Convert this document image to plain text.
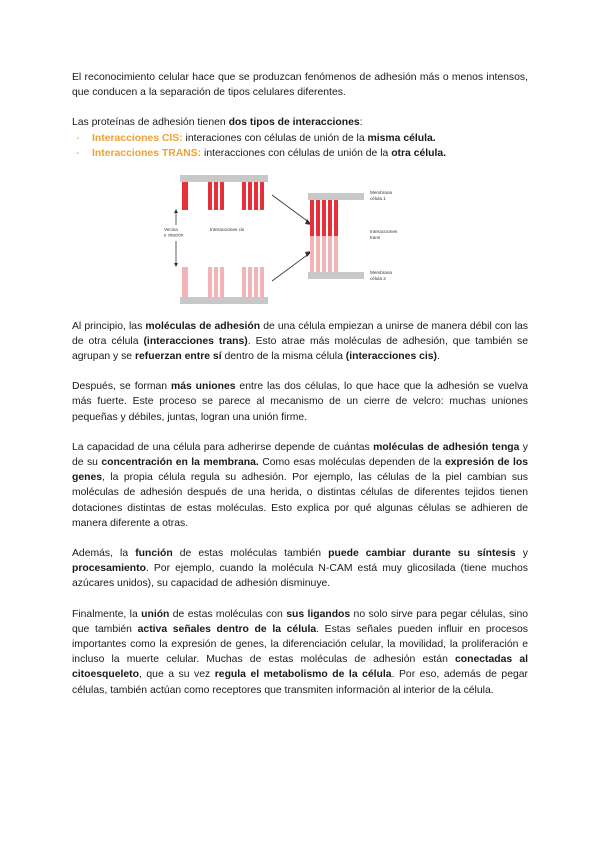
El reconocimiento celular hace que se produzcan fenómenos de adhesión más o menos intensos, que conducen a la separación de tipos celulares diferentes.

Las proteínas de adhesión tienen dos tipos de interacciones:

- Interacciones CIS: interaciones con células de unión de la misma célula.
- Interacciones TRANS: interacciones con células de unión de la otra célula.
Vecina e citación
Interacciones cis
Membrana
célula 1
Interacciones
trans
Membrana
célula 2

Al principio, las moléculas de adhesión de una célula empiezan a unirse de manera débil con las de otra célula (interacciones trans). Esto atrae más moléculas de adhesión, que también se agrupan y se refuerzan entre sí dentro de la misma célula (interacciones cis).

Después, se forman más uniones entre las dos células, lo que hace que la adhesión se vuelva más fuerte. Este proceso se parece al mecanismo de un cierre de velcro: muchas uniones pequeñas y débiles, juntas, logran una unión firme.

La capacidad de una célula para adherirse depende de cuántas moléculas de adhesión tenga y de su concentración en la membrana. Como esas moléculas dependen de la expresión de los genes, la propia célula regula su adhesión. Por ejemplo, las células de la piel cambian sus moléculas de adhesión después de una herida, o distintas células de diferentes tejidos tienen dotaciones distintas de estas moléculas. Esto explica por qué algunas células se adhieren de manera diferente a otras.

Además, la función de estas moléculas también puede cambiar durante su síntesis y procesamiento. Por ejemplo, cuando la molécula N-CAM está muy glicosilada (tiene muchos azúcares unidos), su capacidad de adhesión disminuye.

Finalmente, la unión de estas moléculas con sus ligandos no solo sirve para pegar células, sino que también activa señales dentro de la célula. Estas señales pueden influir en procesos importantes como la expresión de genes, la diferenciación celular, la movilidad, la proliferación e incluso la muerte celular. Muchas de estas moléculas de adhesión están conectadas al citoesqueleto, que a su vez regula el metabolismo de la célula. Por eso, además de pegar células, también actúan como receptores que transmiten información al interior de la célula.
